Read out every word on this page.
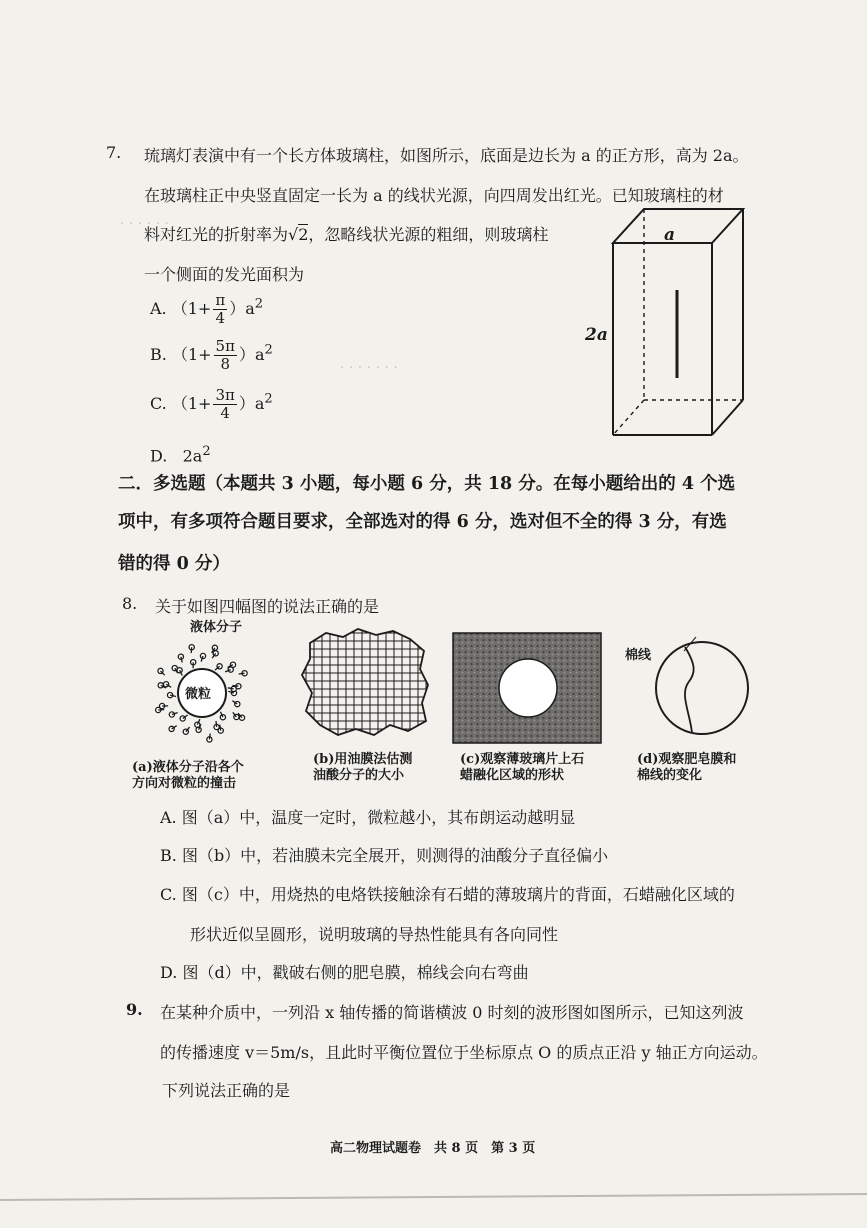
· · · · · ·
· · · · · · ·
7. 琉璃灯表演中有一个长方体玻璃柱，如图所示，底面是边长为 a 的正方形，高为 2a。
在玻璃柱正中央竖直固定一长为 a 的线状光源，向四周发出红光。已知玻璃柱的材
料对红光的折射率为√2，忽略线状光源的粗细，则玻璃柱
一个侧面的发光面积为
A. $(1+ \frac{\pi}{4} )a^2$
B. $(1+ \frac{5\pi}{8} )a^2$
C. $(1+ \frac{3\pi}{4} )a^2$
D. $2a^2$
a
2a
二．多选题（本题共 3 小题，每小题 6 分，共 18 分。在每小题给出的 4 个选
项中，有多项符合题目要求，全部选对的得 6 分，选对但不全的得 3 分，有选
错的得 0 分）
8. 关于如图四幅图的说法正确的是
液体分子
微粒
(a)液体分子沿各个
方向对微粒的撞击
(b)用油膜法估测
油酸分子的大小
(c)观察薄玻璃片上石
蜡融化区域的形状
棉线
(d)观察肥皂膜和
棉线的变化
A. 图（a）中，温度一定时，微粒越小，其布朗运动越明显
B. 图（b）中，若油膜未完全展开，则测得的油酸分子直径偏小
C. 图（c）中，用烧热的电烙铁接触涂有石蜡的薄玻璃片的背面，石蜡融化区域的
形状近似呈圆形，说明玻璃的导热性能具有各向同性
D. 图（d）中，戳破右侧的肥皂膜，棉线会向右弯曲
9. 在某种介质中，一列沿 x 轴传播的简谐横波 0 时刻的波形图如图所示，已知这列波
的传播速度 v＝5m/s，且此时平衡位置位于坐标原点 O 的质点正沿 y 轴正方向运动。
下列说法正确的是
高二物理试题卷　共 8 页　第 3 页
